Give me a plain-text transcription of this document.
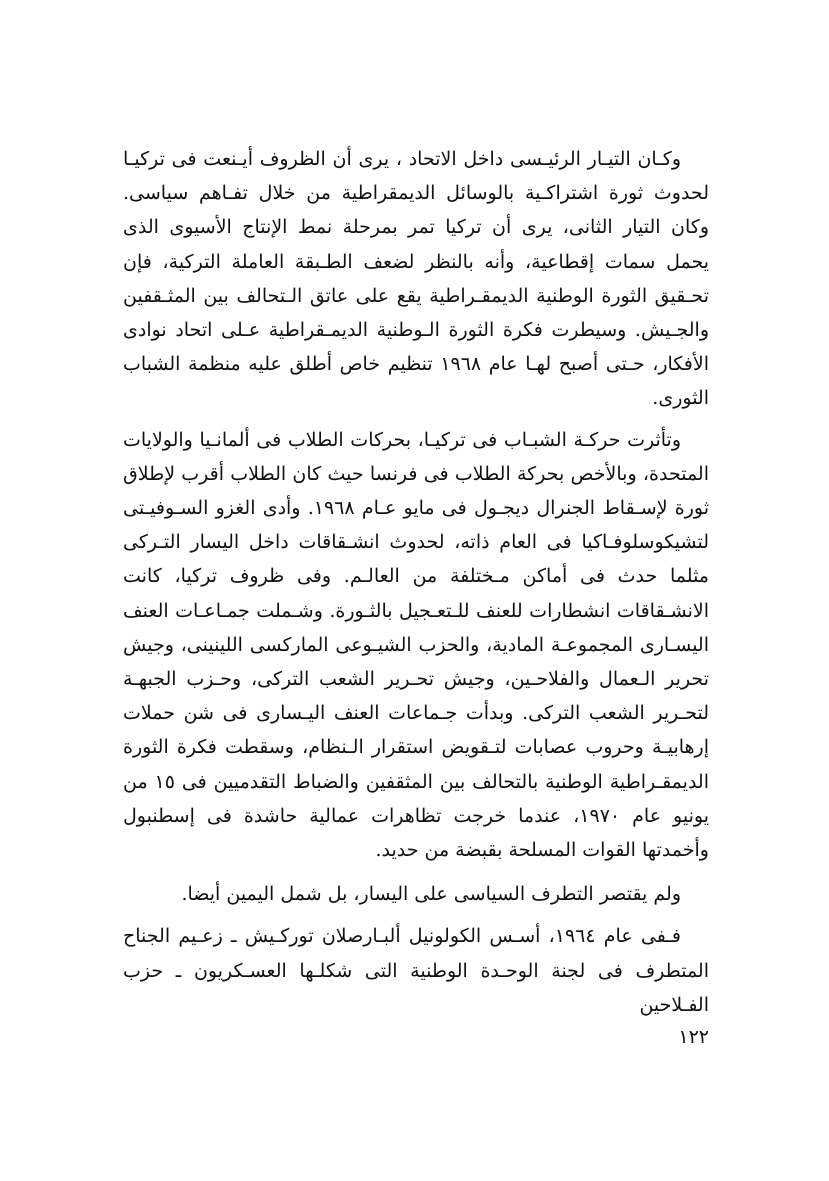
وكـان التيـار الرئيـسى داخل الاتحاد ، يرى أن الظروف أيـنعت فى تركيـا لحدوث ثورة اشتراكـية بالوسائل الديمقراطية من خلال تفـاهم سياسى. وكان التيار الثانى، يرى أن تركيا تمر بمرحلة نمط الإنتاج الأسيوى الذى يحمل سمات إقطاعية، وأنه بالنظر لضعف الطـبقة العاملة التركية، فإن تحـقيق الثورة الوطنية الديمقـراطية يقع على عاتق الـتحالف بين المثـقفين والجـيش. وسيطرت فكرة الثورة الـوطنية الديمـقراطية عـلى اتحاد نوادى الأفكار، حـتى أصبح لهـا عام ١٩٦٨ تنظيم خاص أطلق عليه منظمة الشباب الثورى.

وتأثرت حركـة الشبـاب فى تركيـا، بحركات الطلاب فى ألمانـيا والولايات المتحدة، وبالأخص بحركة الطلاب فى فرنسا حيث كان الطلاب أقرب لإطلاق ثورة لإسـقاط الجنرال ديجـول فى مايو عـام ١٩٦٨. وأدى الغزو السـوفيـتى لتشيكوسلوفـاكيا فى العام ذاته، لحدوث انشـقاقات داخل اليسار التـركى مثلما حدث فى أماكن مـختلفة من العالـم. وفى ظروف تركيا، كانت الانشـقاقات انشطارات للعنف للـتعـجيل بالثـورة. وشـملت جمـاعـات العنف اليسـارى المجموعـة المادية، والحزب الشيـوعى الماركسى اللينينى، وجيش تحرير الـعمال والفلاحـين، وجيش تحـرير الشعب التركى، وحـزب الجبهـة لتحـرير الشعب التركى. وبدأت جـماعات العنف اليـسارى فى شن حملات إرهابيـة وحروب عصابات لتـقويض استقرار الـنظام، وسقطت فكرة الثورة الديمقـراطية الوطنية بالتحالف بين المثقفين والضباط التقدميين فى ١٥ من يونيو عام ١٩٧٠، عندما خرجت تظاهرات عمالية حاشدة فى إسطنبول وأخمدتها القوات المسلحة بقبضة من حديد.

ولم يقتصر التطرف السياسى على اليسار، بل شمل اليمين أيضا.

فـفى عام ١٩٦٤، أسـس الكولونيل ألبـارصلان توركـيش ـ زعـيم الجناح المتطرف فى لجنة الوحـدة الوطنية التى شكلـها العسـكريون ـ حزب الفـلاحين

١٢٢
